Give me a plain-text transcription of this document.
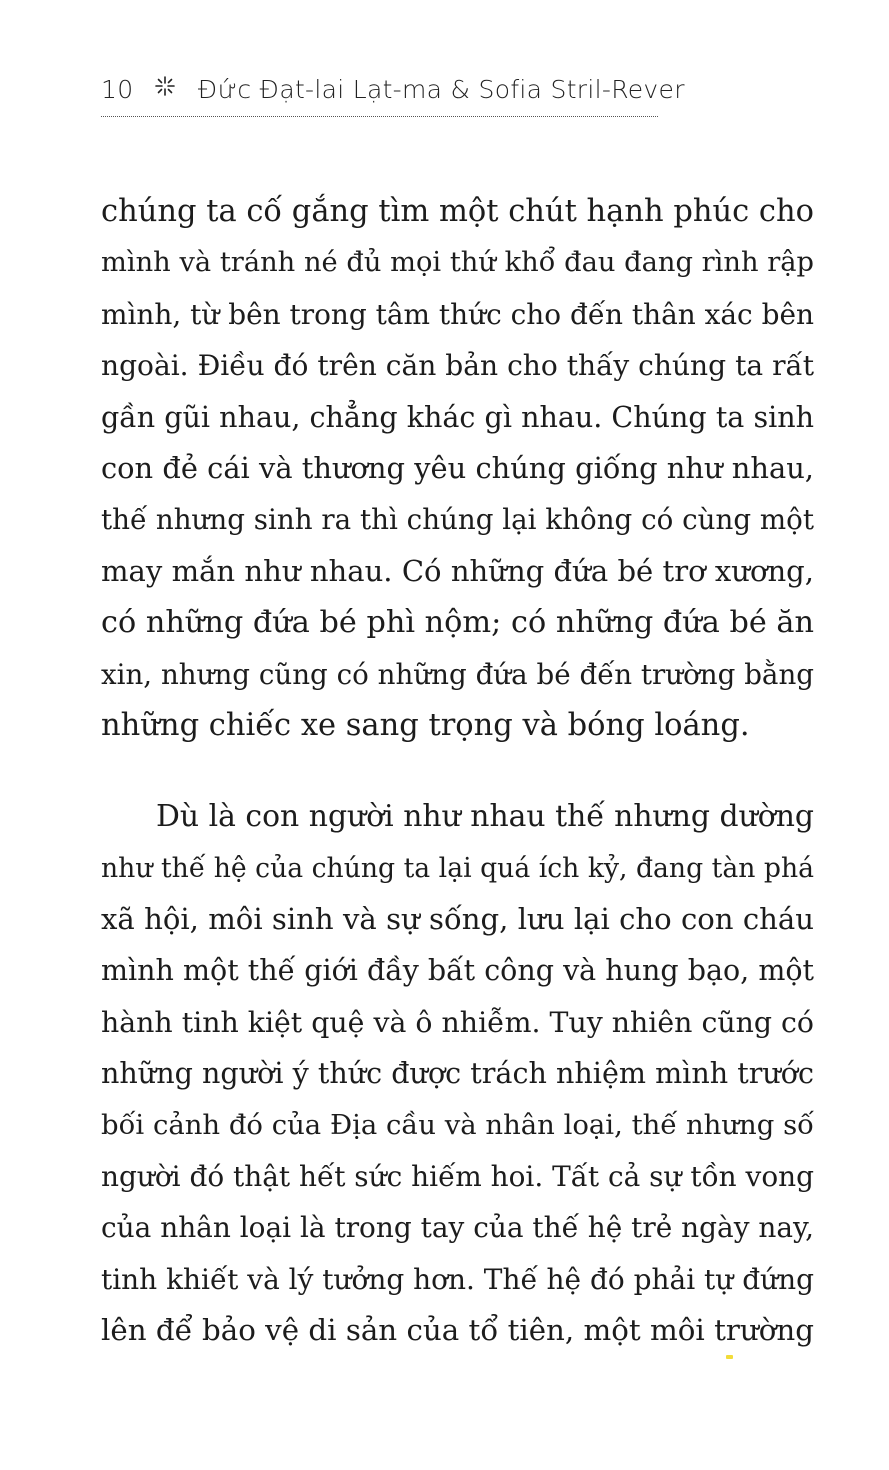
10	Đức Đạt-lai Lạt-ma & Sofia Stril-Rever

chúng ta cố gắng tìm một chút hạnh phúc cho
mình và tránh né đủ mọi thứ khổ đau đang rình rập
mình, từ bên trong tâm thức cho đến thân xác bên
ngoài. Điều đó trên căn bản cho thấy chúng ta rất
gần gũi nhau, chẳng khác gì nhau. Chúng ta sinh
con đẻ cái và thương yêu chúng giống như nhau,
thế nhưng sinh ra thì chúng lại không có cùng một
may mắn như nhau. Có những đứa bé trơ xương,
có những đứa bé phì nộm; có những đứa bé ăn
xin, nhưng cũng có những đứa bé đến trường bằng
những chiếc xe sang trọng và bóng loáng.

Dù là con người như nhau thế nhưng dường
như thế hệ của chúng ta lại quá ích kỷ, đang tàn phá
xã hội, môi sinh và sự sống, lưu lại cho con cháu
mình một thế giới đầy bất công và hung bạo, một
hành tinh kiệt quệ và ô nhiễm. Tuy nhiên cũng có
những người ý thức được trách nhiệm mình trước
bối cảnh đó của Địa cầu và nhân loại, thế nhưng số
người đó thật hết sức hiếm hoi. Tất cả sự tồn vong
của nhân loại là trong tay của thế hệ trẻ ngày nay,
tinh khiết và lý tưởng hơn. Thế hệ đó phải tự đứng
lên để bảo vệ di sản của tổ tiên, một môi trường
